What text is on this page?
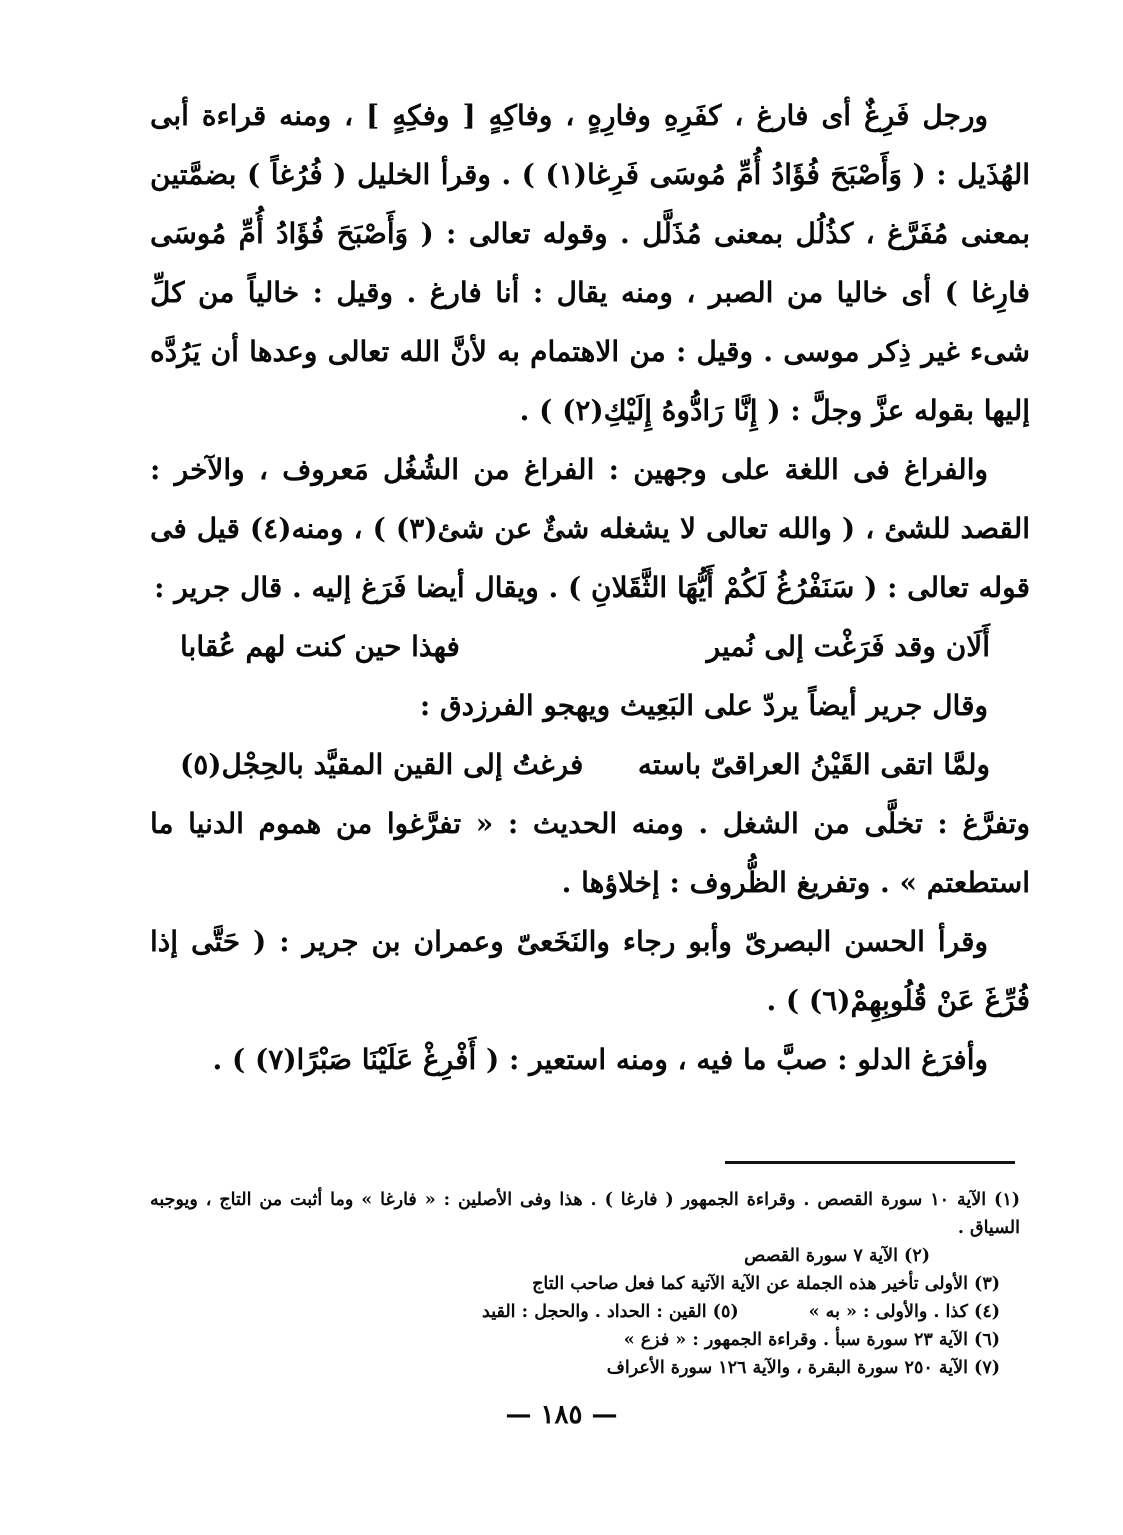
ورجل فَرِغٌ أى فارغ ، كفَرِهِ وفارِهٍ ، وفاكِهٍ [ وفكِهٍ ] ، ومنه قراءة أبى الهُذَيل : ( وَأَصْبَحَ فُؤَادُ أُمِّ مُوسَى فَرِغا(١) ) . وقرأ الخليل ( فُرُغاً ) بضمَّتين بمعنى مُفَرَّغ ، كذُلُل بمعنى مُذَلَّل . وقوله تعالى : ( وَأَصْبَحَ فُؤَادُ أُمِّ مُوسَى فارِغا ) أى خاليا من الصبر ، ومنه يقال : أنا فارغ . وقيل : خالياً من كلِّ شىء غير ذِكر موسى . وقيل : من الاهتمام به لأنَّ الله تعالى وعدها أن يَرُدَّه إليها بقوله عزَّ وجلَّ : ( إِنَّا رَادُّوهُ إِلَيْكِ(٢) ) .

والفراغ فى اللغة على وجهين : الفراغ من الشُغُل مَعروف ، والآخر : القصد للشئ ، ( والله تعالى لا يشغله شئٌ عن شئ(٣) ) ، ومنه(٤) قيل فى قوله تعالى : ( سَنَفْرُغُ لَكُمْ أَيُّهَا الثَّقَلانِ ) . ويقال أيضا فَرَغ إليه . قال جرير :

أَلَان وقد فَرَغْت إلى نُمير
فهذا حين كنت لهم عُقابا

وقال جرير أيضاً يردّ على البَعِيث ويهجو الفرزدق :

ولمَّا اتقى القَيْنُ العراقىّ باسته
فرغتُ إلى القين المقيَّد بالحِجْل(٥)

وتفرَّغ : تخلَّى من الشغل . ومنه الحديث : « تفرَّغوا من هموم الدنيا ما استطعتم » . وتفريغ الظُّروف : إخلاؤها .

وقرأ الحسن البصرىّ وأبو رجاء والنَخَعىّ وعمران بن جرير : ( حَتَّى إذا فُرِّغَ عَنْ قُلُوبِهِمْ(٦) ) .

وأفرَغ الدلو : صبَّ ما فيه ، ومنه استعير : ( أَفْرِغْ عَلَيْنَا صَبْرًا(٧) ) .

(١) الآية ١٠ سورة القصص . وقراءة الجمهور ( فارغا ) . هذا وفى الأصلين : « فارغا » وما أثبت من التاج ، ويوجبه السياق .

(٢) الآية ٧ سورة القصص

(٣) الأولى تأخير هذه الجملة عن الآية الآتية كما فعل صاحب التاج

(٤) كذا . والأولى : « به »
(٥) القين : الحداد . والحجل : القيد

(٦) الآية ٢٣ سورة سبأ . وقراءة الجمهور : « فزع »

(٧) الآية ٢٥٠ سورة البقرة ، والآية ١٢٦ سورة الأعراف

— ١٨٥ —
